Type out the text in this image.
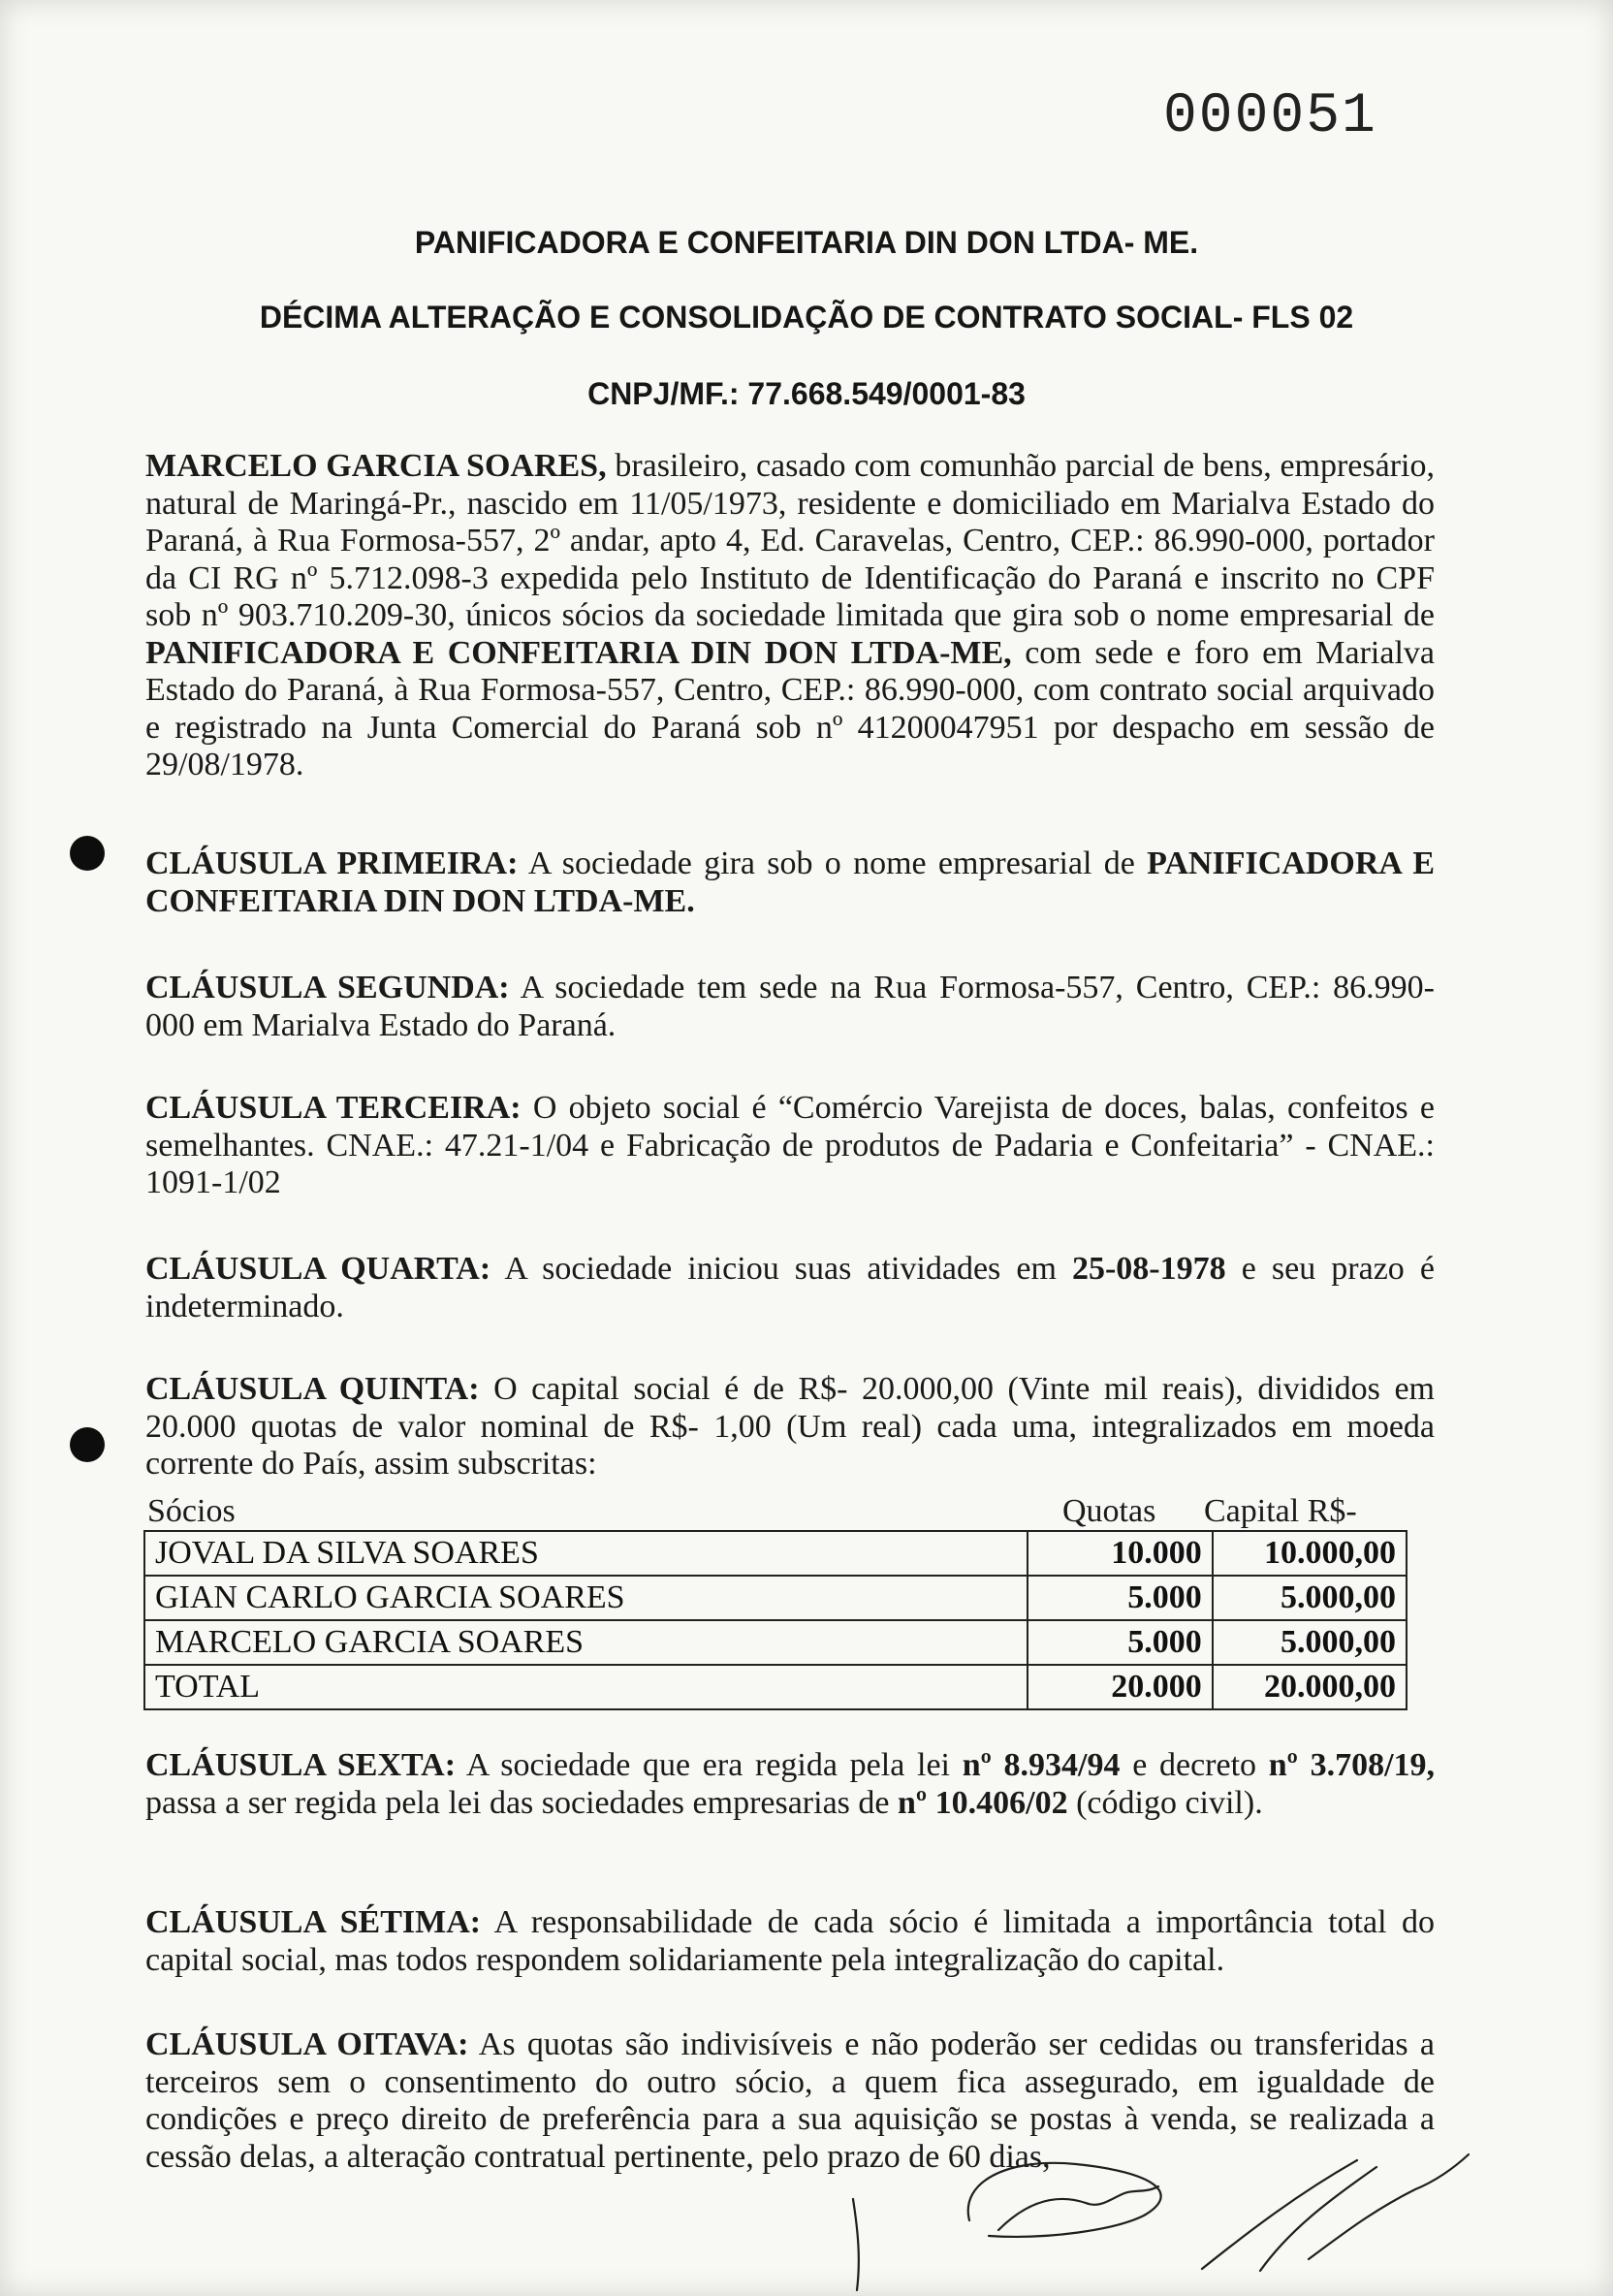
000051
PANIFICADORA E CONFEITARIA DIN DON LTDA- ME.
DÉCIMA ALTERAÇÃO E CONSOLIDAÇÃO DE CONTRATO SOCIAL- FLS 02
CNPJ/MF.: 77.668.549/0001-83
MARCELO GARCIA SOARES, brasileiro, casado com comunhão parcial de bens, empresário, natural de Maringá-Pr., nascido em 11/05/1973, residente e domiciliado em Marialva Estado do Paraná, à Rua Formosa-557, 2º andar, apto 4, Ed. Caravelas, Centro, CEP.: 86.990-000, portador da CI RG nº 5.712.098-3 expedida pelo Instituto de Identificação do Paraná e inscrito no CPF sob nº 903.710.209-30, únicos sócios da sociedade limitada que gira sob o nome empresarial de PANIFICADORA E CONFEITARIA DIN DON LTDA-ME, com sede e foro em Marialva Estado do Paraná, à Rua Formosa-557, Centro, CEP.: 86.990-000, com contrato social arquivado e registrado na Junta Comercial do Paraná sob nº 41200047951 por despacho em sessão de 29/08/1978.
CLÁUSULA PRIMEIRA: A sociedade gira sob o nome empresarial de PANIFICADORA E CONFEITARIA DIN DON LTDA-ME.
CLÁUSULA SEGUNDA: A sociedade tem sede na Rua Formosa-557, Centro, CEP.: 86.990-000 em Marialva Estado do Paraná.
CLÁUSULA TERCEIRA: O objeto social é “Comércio Varejista de doces, balas, confeitos e semelhantes. CNAE.: 47.21-1/04 e Fabricação de produtos de Padaria e Confeitaria” - CNAE.: 1091-1/02
CLÁUSULA QUARTA: A sociedade iniciou suas atividades em 25-08-1978 e seu prazo é indeterminado.
CLÁUSULA QUINTA: O capital social é de R$- 20.000,00 (Vinte mil reais), divididos em 20.000 quotas de valor nominal de R$- 1,00 (Um real) cada uma, integralizados em moeda corrente do País, assim subscritas:
Sócios	Quotas Capital R$-
JOVAL DA SILVA SOARES	10.000	10.000,00
GIAN CARLO GARCIA SOARES	5.000	5.000,00
MARCELO GARCIA SOARES	5.000	5.000,00
TOTAL	20.000	20.000,00
CLÁUSULA SEXTA: A sociedade que era regida pela lei nº 8.934/94 e decreto nº 3.708/19, passa a ser regida pela lei das sociedades empresarias de nº 10.406/02 (código civil).
CLÁUSULA SÉTIMA: A responsabilidade de cada sócio é limitada a importância total do capital social, mas todos respondem solidariamente pela integralização do capital.
CLÁUSULA OITAVA: As quotas são indivisíveis e não poderão ser cedidas ou transferidas a terceiros sem o consentimento do outro sócio, a quem fica assegurado, em igualdade de condições e preço direito de preferência para a sua aquisição se postas à venda, se realizada a cessão delas, a alteração contratual pertinente, pelo prazo de 60 dias,
